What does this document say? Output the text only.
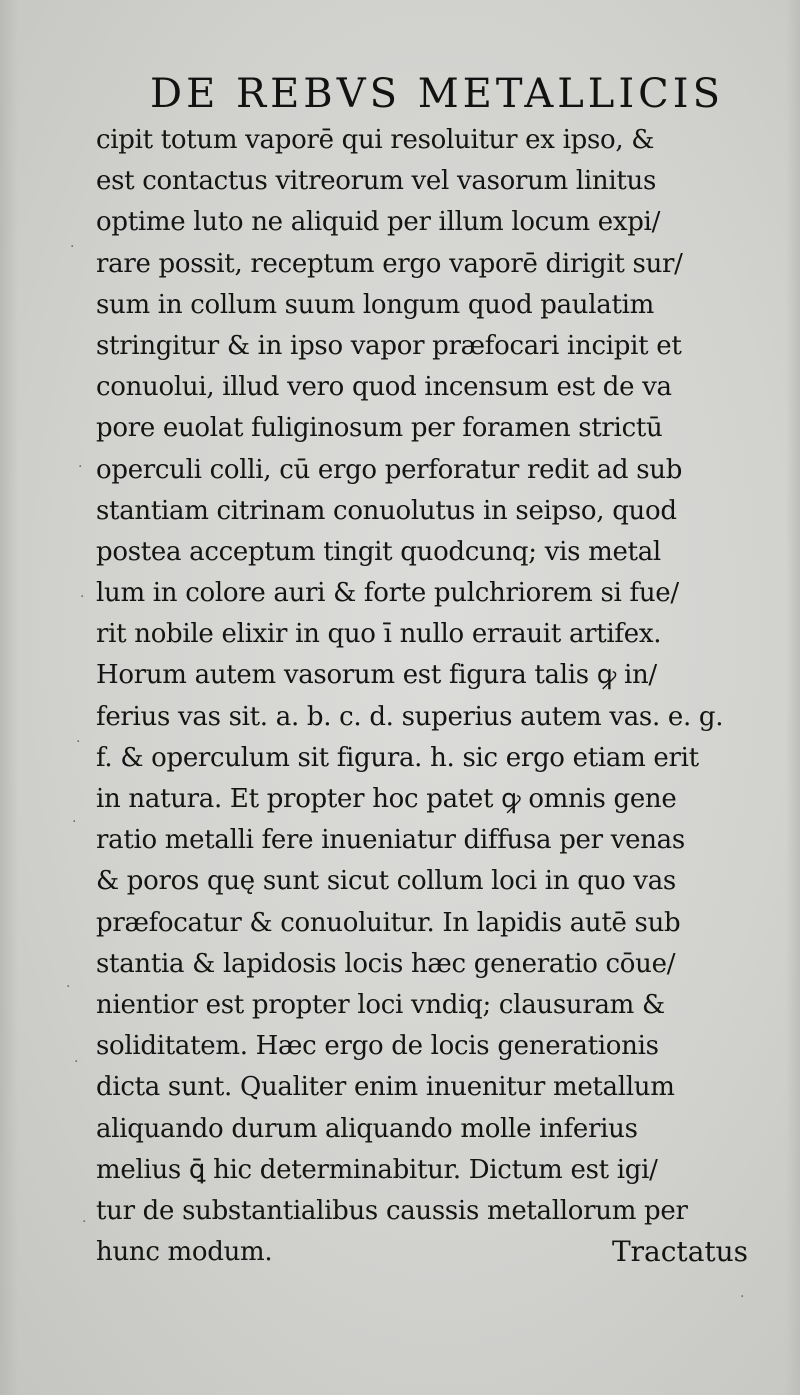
·
·
·
·
·
·
·
·
·
DE REBVS METALLICIS
cipit totum vaporē qui resoluitur ex ipso, &
est contactus vitreorum vel vasorum linitus
optime luto ne aliquid per illum locum expi/
rare possit, receptum ergo vaporē dirigit sur/
sum in collum suum longum quod paulatim
stringitur & in ipso vapor præfocari incipit et
conuolui, illud vero quod incensum est de va
pore euolat fuliginosum per foramen strictū
operculi colli, cū ergo perforatur redit ad sub
stantiam citrinam conuolutus in seipso, quod
postea acceptum tingit quodcunq; vis metal
lum in colore auri & forte pulchriorem si fue/
rit nobile elixir in quo ī nullo errauit artifex.
Horum autem vasorum est figura talis ꝙ in/
ferius vas sit. a. b. c. d. superius autem vas. e. g.
f. & operculum sit figura. h. sic ergo etiam erit
in natura. Et propter hoc patet ꝙ omnis gene
ratio metalli fere inueniatur diffusa per venas
& poros quę sunt sicut collum loci in quo vas
præfocatur & conuoluitur. In lapidis autē sub
stantia & lapidosis locis hæc generatio cōue/
nientior est propter loci vndiq; clausuram &
soliditatem. Hæc ergo de locis generationis
dicta sunt. Qualiter enim inuenitur metallum
aliquando durum aliquando molle inferius
melius ꝗ̄ hic determinabitur. Dictum est igi/
tur de substantialibus caussis metallorum per
hunc modum.	Tractatus
